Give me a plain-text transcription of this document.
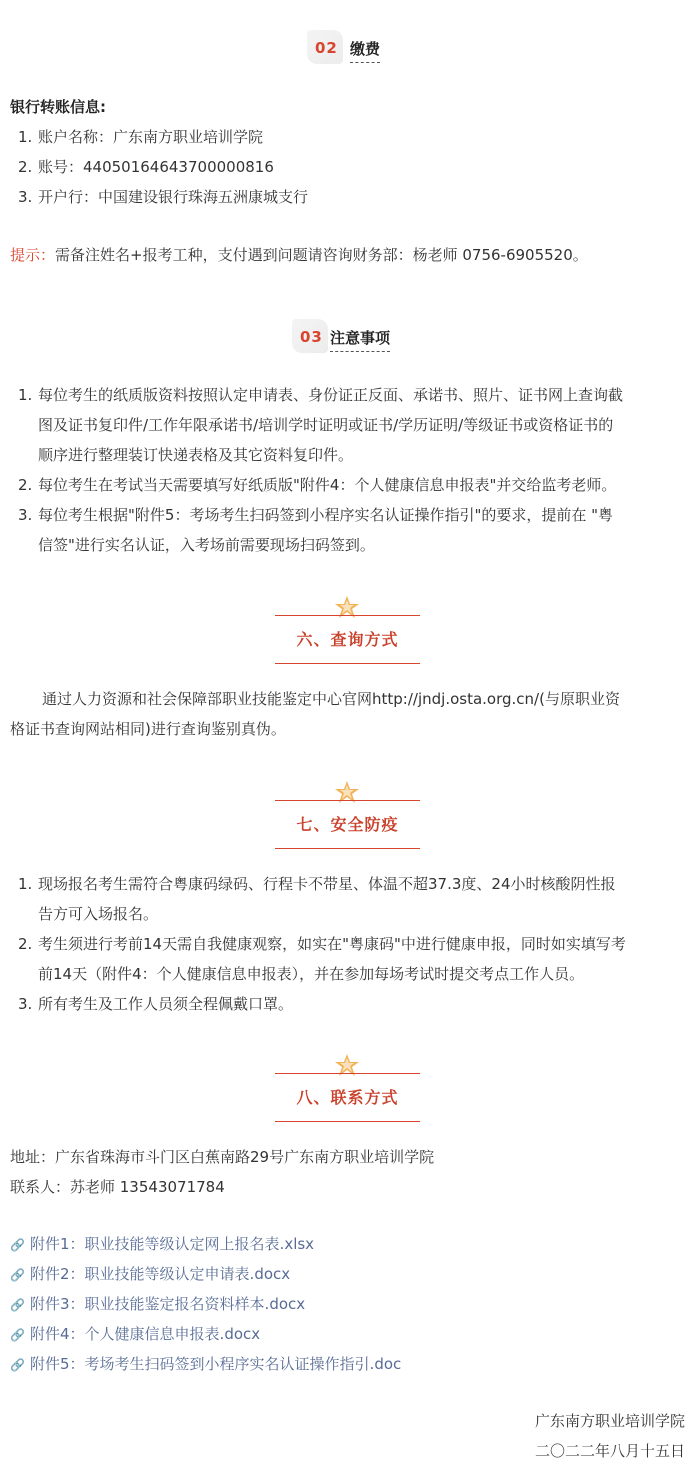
02 缴费
银行转账信息:
1. 账户名称：广东南方职业培训学院
2. 账号：44050164643700000816
3. 开户行：中国建设银行珠海五洲康城支行
提示：需备注姓名+报考工种，支付遇到问题请咨询财务部：杨老师 0756-6905520。
03 注意事项
1. 每位考生的纸质版资料按照认定申请表、身份证正反面、承诺书、照片、证书网上查询截
图及证书复印件/工作年限承诺书/培训学时证明或证书/学历证明/等级证书或资格证书的
顺序进行整理装订快递表格及其它资料复印件。
2. 每位考生在考试当天需要填写好纸质版"附件4：个人健康信息申报表"并交给监考老师。
3. 每位考生根据"附件5：考场考生扫码签到小程序实名认证操作指引"的要求，提前在 "粤
信签"进行实名认证，入考场前需要现场扫码签到。
六、查询方式
通过人力资源和社会保障部职业技能鉴定中心官网http://jndj.osta.org.cn/(与原职业资
格证书查询网站相同)进行查询鉴别真伪。
七、安全防疫
1. 现场报名考生需符合粤康码绿码、行程卡不带星、体温不超37.3度、24小时核酸阴性报
告方可入场报名。
2. 考生须进行考前14天需自我健康观察，如实在"粤康码"中进行健康申报，同时如实填写考
前14天（附件4：个人健康信息申报表），并在参加每场考试时提交考点工作人员。
3. 所有考生及工作人员须全程佩戴口罩。
八、联系方式
地址：广东省珠海市斗门区白蕉南路29号广东南方职业培训学院
联系人：苏老师 13543071784
🔗 附件1：职业技能等级认定网上报名表.xlsx
🔗 附件2：职业技能等级认定申请表.docx
🔗 附件3：职业技能鉴定报名资料样本.docx
🔗 附件4：个人健康信息申报表.docx
🔗 附件5：考场考生扫码签到小程序实名认证操作指引.doc
广东南方职业培训学院
二〇二二年八月十五日
